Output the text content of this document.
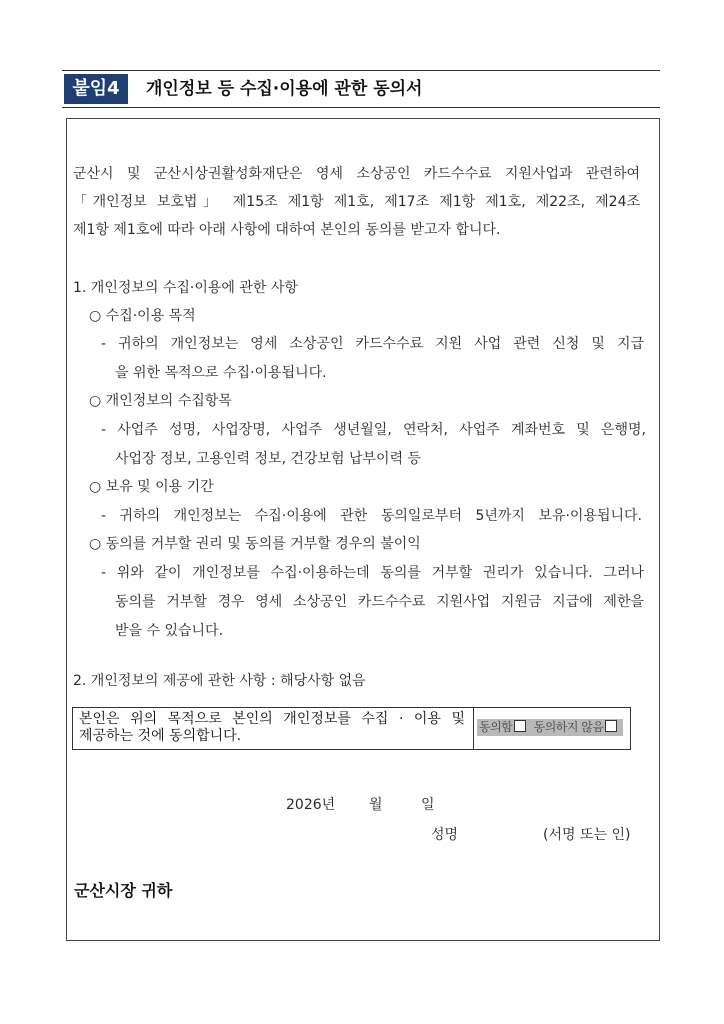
붙임4	개인정보 등 수집·이용에 관한 동의서
군산시 및 군산시상권활성화재단은 영세 소상공인 카드수수료 지원사업과 관련하여
「개인정보 보호법」 제15조 제1항 제1호, 제17조 제1항 제1호, 제22조, 제24조
제1항 제1호에 따라 아래 사항에 대하여 본인의 동의를 받고자 합니다.
1. 개인정보의 수집·이용에 관한 사항
○ 수집·이용 목적
- 귀하의 개인정보는 영세 소상공인 카드수수료 지원 사업 관련 신청 및 지급
을 위한 목적으로 수집·이용됩니다.
○ 개인정보의 수집항목
- 사업주 성명, 사업장명, 사업주 생년월일, 연락처, 사업주 계좌번호 및 은행명,
사업장 정보, 고용인력 정보, 건강보험 납부이력 등
○ 보유 및 이용 기간
- 귀하의 개인정보는 수집·이용에 관한 동의일로부터 5년까지 보유·이용됩니다.
○ 동의를 거부할 권리 및 동의를 거부할 경우의 불이익
- 위와 같이 개인정보를 수집·이용하는데 동의를 거부할 권리가 있습니다. 그러나
동의를 거부할 경우 영세 소상공인 카드수수료 지원사업 지원금 지급에 제한을
받을 수 있습니다.
2. 개인정보의 제공에 관한 사항 : 해당사항 없음
본인은 위의 목적으로 본인의 개인정보를 수집 · 이용 및
제공하는 것에 동의합니다.
동의함 동의하지 않음
2026년 월	일
성명	(서명 또는 인)
군산시장 귀하
